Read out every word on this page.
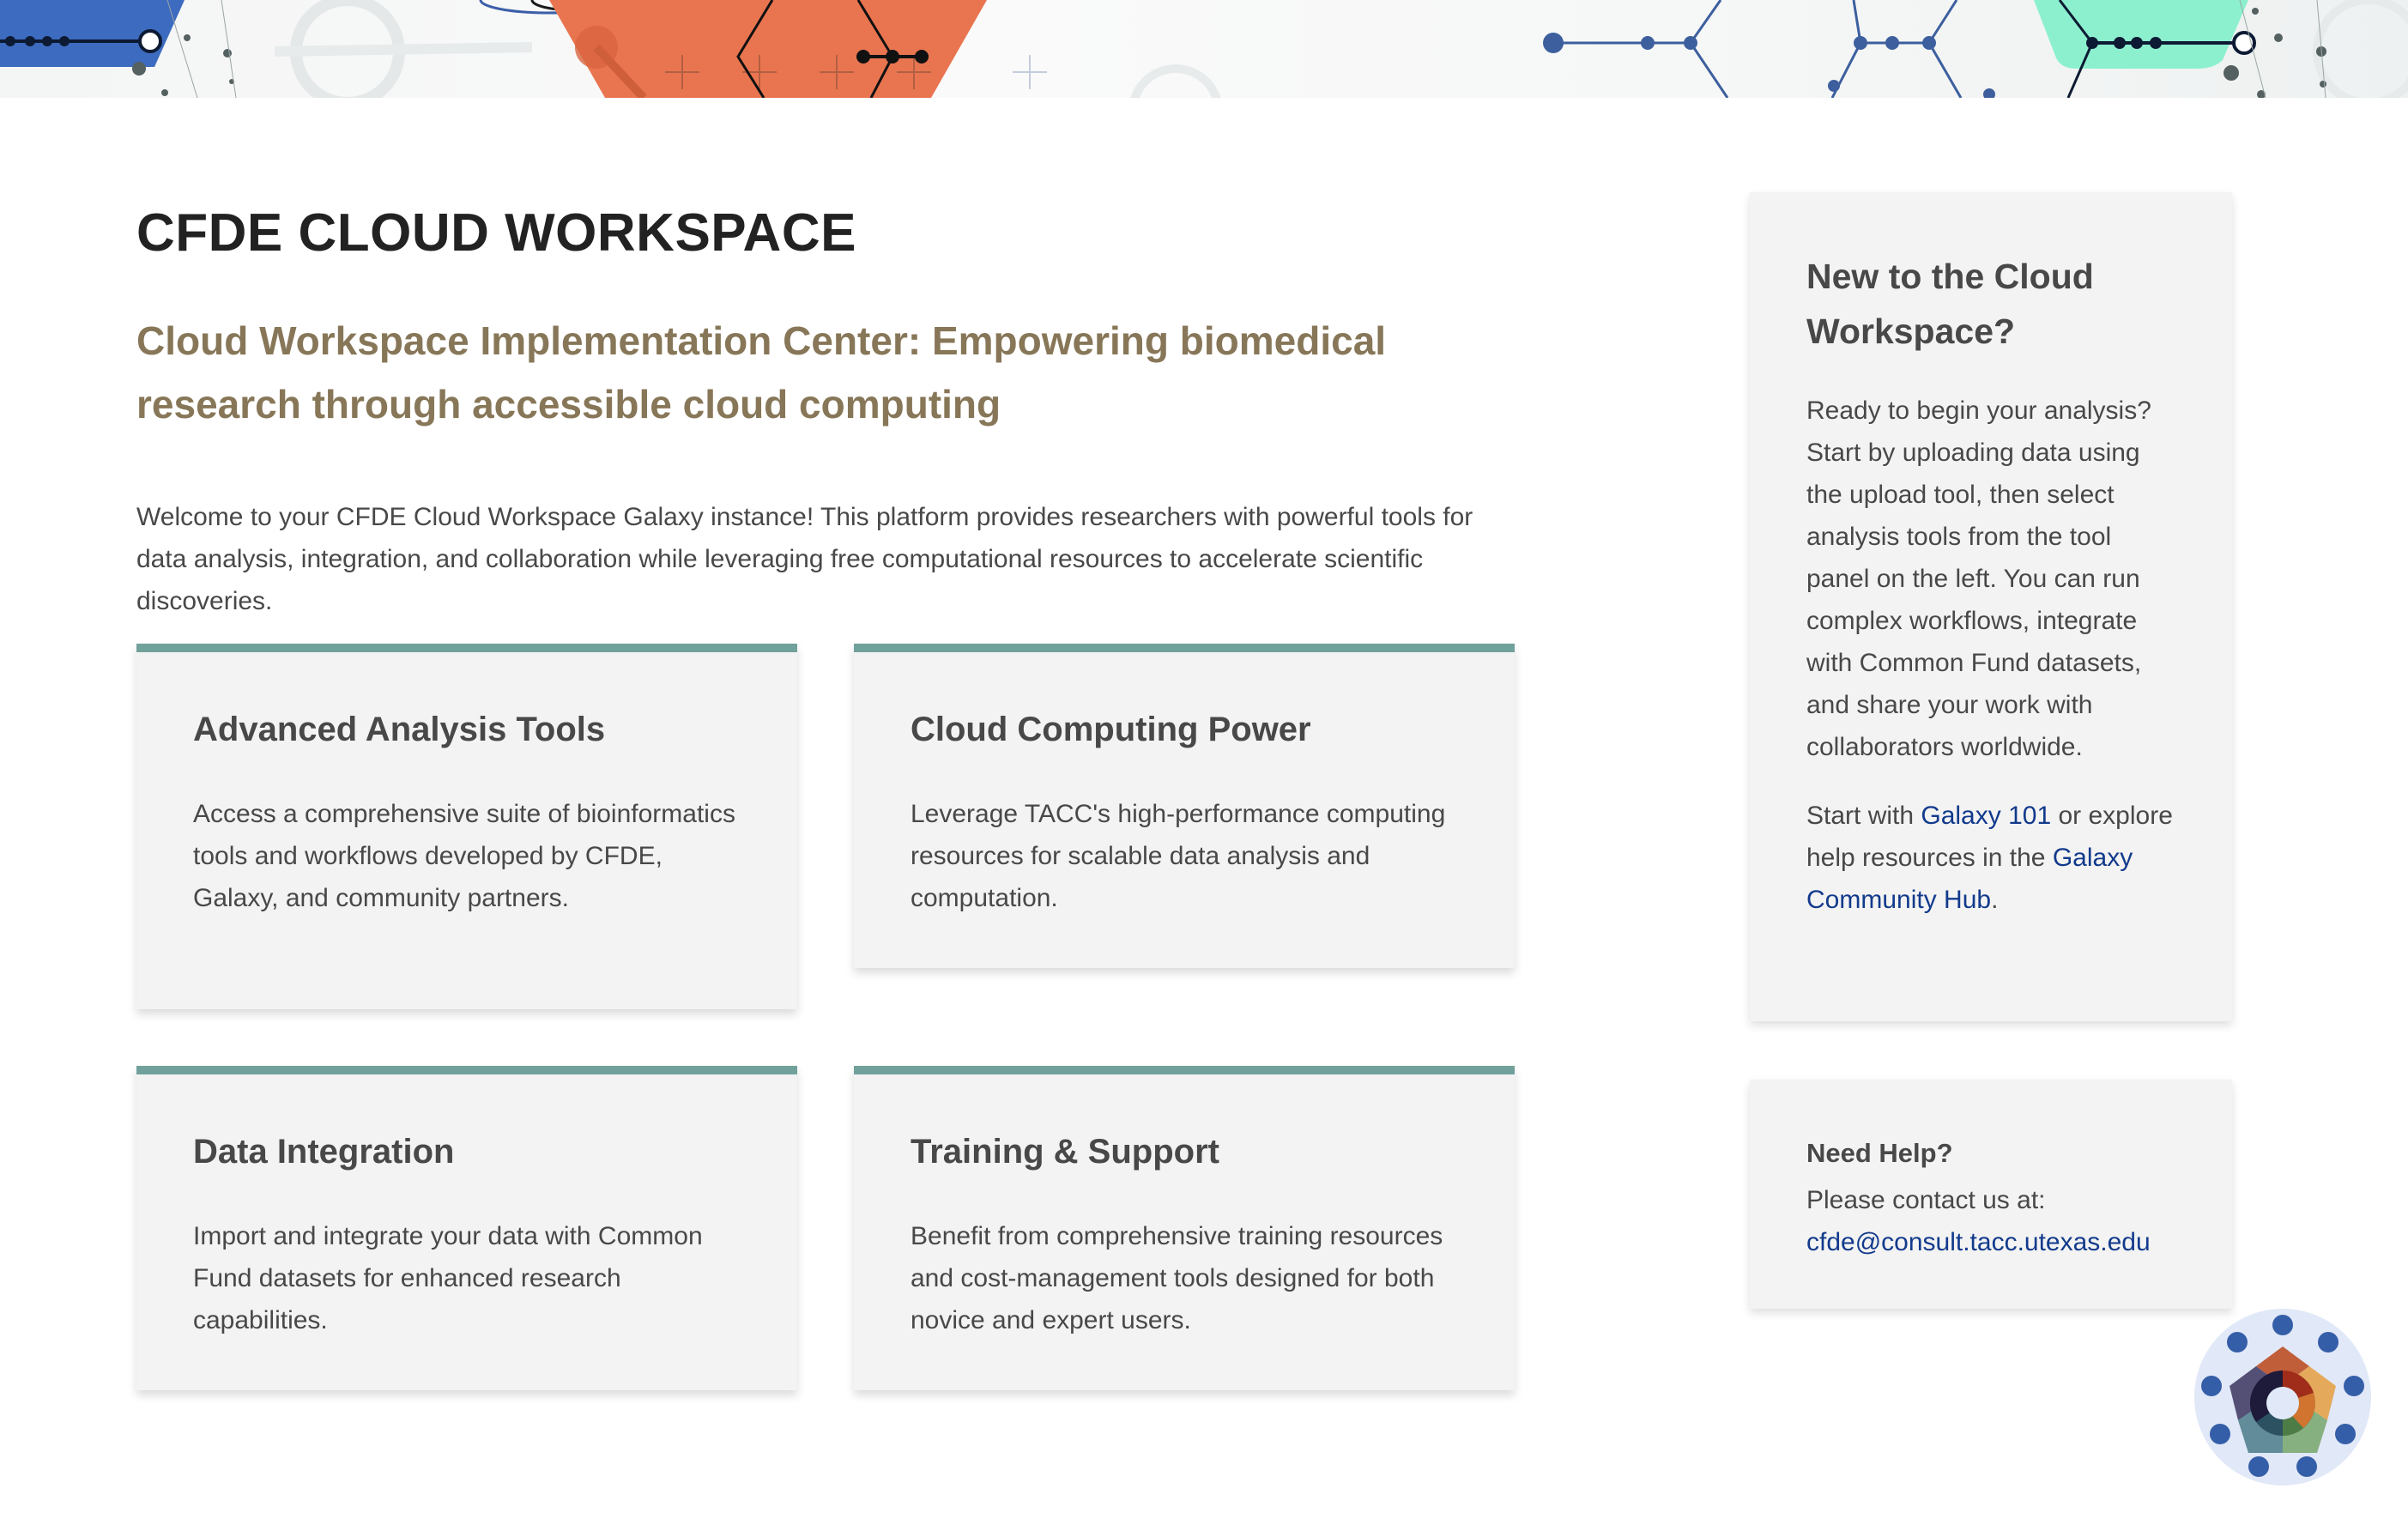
CFDE CLOUD WORKSPACE
Cloud Workspace Implementation Center: Empowering biomedical research through accessible cloud computing

Welcome to your CFDE Cloud Workspace Galaxy instance! This platform provides researchers with powerful tools for data analysis, integration, and collaboration while leveraging free computational resources to accelerate scientific discoveries.

Advanced Analysis Tools

Access a comprehensive suite of bioinformatics tools and workflows developed by CFDE, Galaxy, and community partners.

Cloud Computing Power

Leverage TACC's high-performance computing resources for scalable data analysis and computation.

Data Integration

Import and integrate your data with Common Fund datasets for enhanced research capabilities.

Training & Support

Benefit from comprehensive training resources and cost-management tools designed for both novice and expert users.

New to the Cloud Workspace?

Ready to begin your analysis? Start by uploading data using the upload tool, then select analysis tools from the tool panel on the left. You can run complex workflows, integrate with Common Fund datasets, and share your work with collaborators worldwide.

Start with Galaxy 101 or explore help resources in the Galaxy Community Hub.

Need Help?

Please contact us at:

cfde@consult.tacc.utexas.edu
